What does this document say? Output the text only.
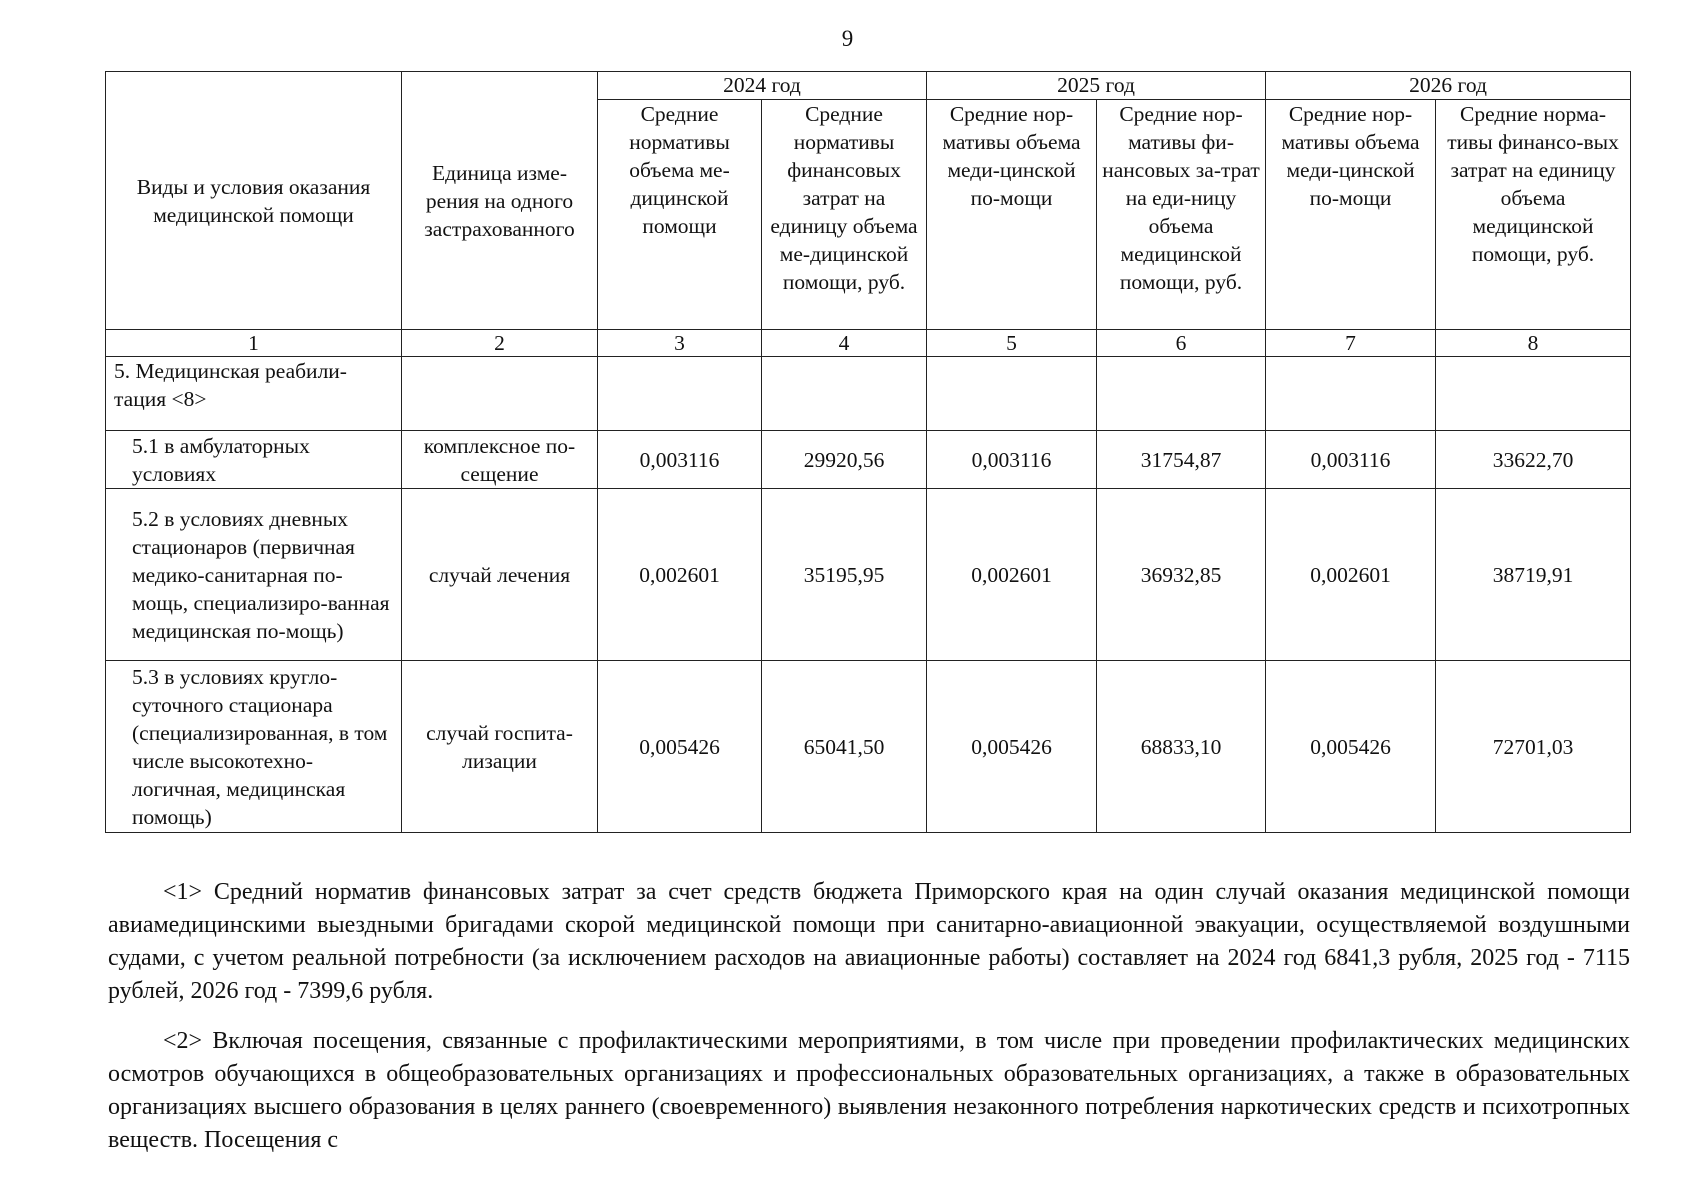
9
Виды и условия оказания медицинской помощи	Единица изме-рения на одного застрахованного	2024 год		2025 год		2026 год	
		Средние нормативы объема ме-дицинской помощи	Средние нормативы финансовых затрат на единицу объема ме-дицинской помощи, руб.	Средние нор-мативы объема меди-цинской по-мощи	Средние нор-мативы фи-нансовых за-трат на еди-ницу объема медицинской помощи, руб.	Средние нор-мативы объема меди-цинской по-мощи	Средние норма-тивы финансо-вых затрат на единицу объема медицинской помощи, руб.
1	2	3	4	5	6	7	8
5. Медицинская реабили-тация <8>							
5.1 в амбулаторных условиях	комплексное по-сещение	0,003116	29920,56	0,003116	31754,87	0,003116	33622,70
5.2 в условиях дневных стационаров (первичная медико-санитарная по-мощь, специализиро-ванная медицинская по-мощь)	случай лечения	0,002601	35195,95	0,002601	36932,85	0,002601	38719,91
5.3 в условиях кругло-суточного стационара (специализированная, в том числе высокотехно-логичная, медицинская помощь)	случай госпита-лизации	0,005426	65041,50	0,005426	68833,10	0,005426	72701,03

<1> Средний норматив финансовых затрат за счет средств бюджета Приморского края на один случай оказания медицинской помощи авиамедицинскими выездными бригадами скорой медицинской помощи при санитарно-авиационной эвакуации, осуществляемой воздушными судами, с учетом реальной потребности (за исключением расходов на авиационные работы) составляет на 2024 год 6841,3 рубля, 2025 год - 7115 рублей, 2026 год - 7399,6 рубля.

<2> Включая посещения, связанные с профилактическими мероприятиями, в том числе при проведении профилактических медицинских осмотров обучающихся в общеобразовательных организациях и профессиональных образовательных организациях, а также в образовательных организациях высшего образования в целях раннего (своевременного) выявления незаконного потребления наркотических средств и психотропных веществ. Посещения с
